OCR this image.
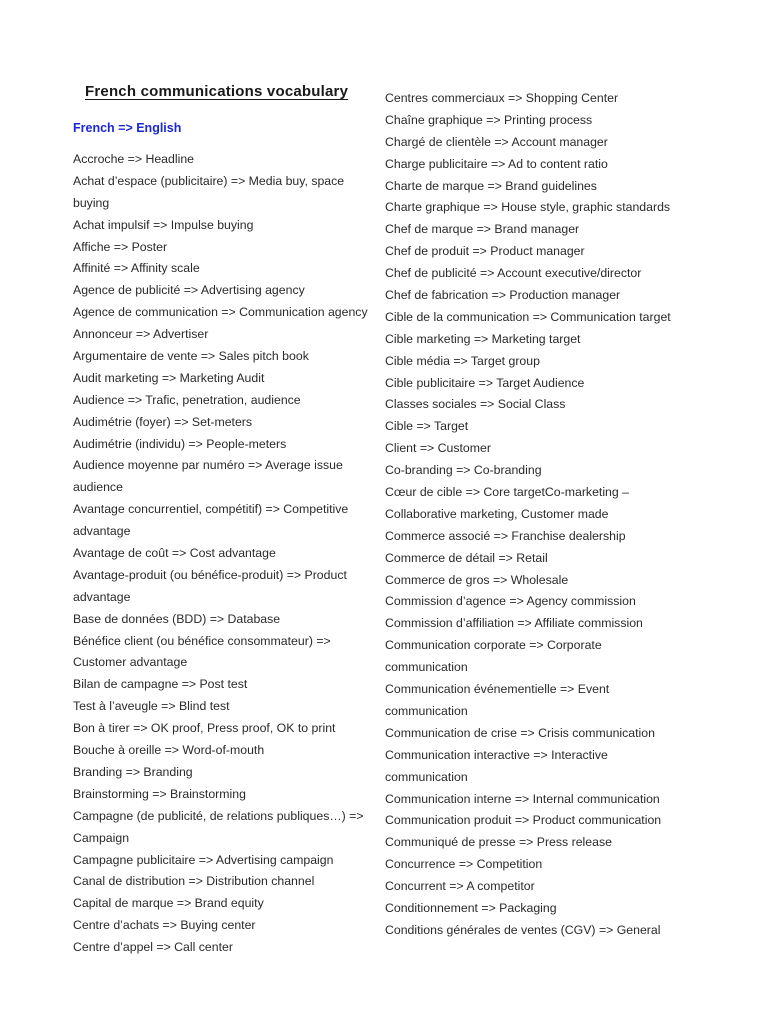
French communications vocabulary
French => English
Accroche => Headline
Achat d’espace (publicitaire) => Media buy, space
buying
Achat impulsif => Impulse buying
Affiche => Poster
Affinité => Affinity scale
Agence de publicité => Advertising agency
Agence de communication => Communication agency
Annonceur => Advertiser
Argumentaire de vente => Sales pitch book
Audit marketing => Marketing Audit
Audience => Trafic, penetration, audience
Audimétrie (foyer) => Set-meters
Audimétrie (individu) => People-meters
Audience moyenne par numéro => Average issue
audience
Avantage concurrentiel, compétitif) => Competitive
advantage
Avantage de coût => Cost advantage
Avantage-produit (ou bénéfice-produit) => Product
advantage
Base de données (BDD) => Database
Bénéfice client (ou bénéfice consommateur) =>
Customer advantage
Bilan de campagne => Post test
Test à l’aveugle => Blind test
Bon à tirer => OK proof, Press proof, OK to print
Bouche à oreille => Word-of-mouth
Branding => Branding
Brainstorming => Brainstorming
Campagne (de publicité, de relations publiques…) =>
Campaign
Campagne publicitaire => Advertising campaign
Canal de distribution => Distribution channel
Capital de marque => Brand equity
Centre d’achats => Buying center
Centre d’appel => Call center
Centres commerciaux => Shopping Center
Chaîne graphique => Printing process
Chargé de clientèle => Account manager
Charge publicitaire => Ad to content ratio
Charte de marque => Brand guidelines
Charte graphique => House style, graphic standards
Chef de marque => Brand manager
Chef de produit => Product manager
Chef de publicité => Account executive/director
Chef de fabrication => Production manager
Cible de la communication => Communication target
Cible marketing => Marketing target
Cible média => Target group
Cible publicitaire => Target Audience
Classes sociales => Social Class
Cible => Target
Client => Customer
Co-branding => Co-branding
Cœur de cible => Core targetCo-marketing –
Collaborative marketing, Customer made
Commerce associé => Franchise dealership
Commerce de détail => Retail
Commerce de gros => Wholesale
Commission d’agence => Agency commission
Commission d’affiliation => Affiliate commission
Communication corporate => Corporate
communication
Communication événementielle => Event
communication
Communication de crise => Crisis communication
Communication interactive => Interactive
communication
Communication interne => Internal communication
Communication produit => Product communication
Communiqué de presse => Press release
Concurrence => Competition
Concurrent => A competitor
Conditionnement => Packaging
Conditions générales de ventes (CGV) => General
